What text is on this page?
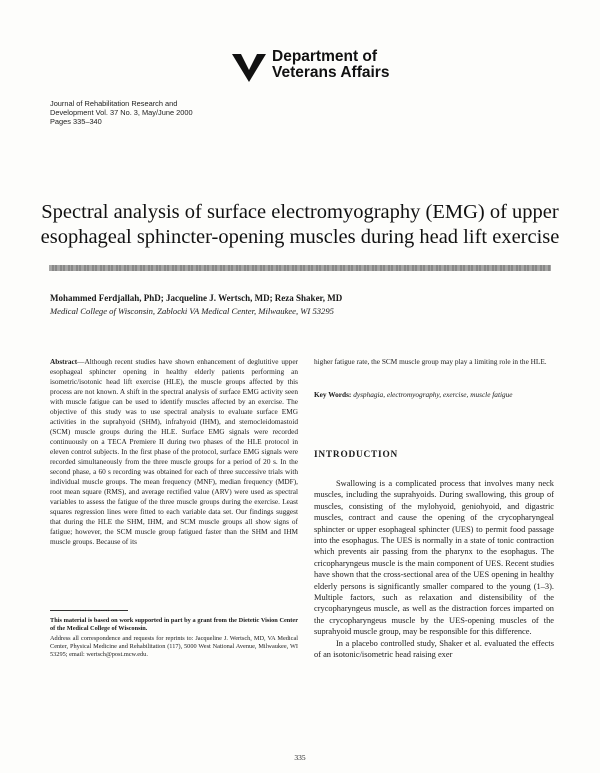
Department of
Veterans Affairs
Journal of Rehabilitation Research and
Development Vol. 37 No. 3, May/June 2000
Pages 335–340
Spectral analysis of surface electromyography (EMG) of upper
esophageal sphincter-opening muscles during head lift exercise
Mohammed Ferdjallah, PhD; Jacqueline J. Wertsch, MD; Reza Shaker, MD
Medical College of Wisconsin, Zablocki VA Medical Center, Milwaukee, WI 53295

Abstract—Although recent studies have shown enhancement of deglutitive upper esophageal sphincter opening in healthy elderly patients performing an isometric/isotonic head lift exercise (HLE), the muscle groups affected by this process are not known. A shift in the spectral analysis of surface EMG activity seen with muscle fatigue can be used to identify muscles affected by an exercise. The objective of this study was to use spectral analysis to evaluate surface EMG activities in the suprahyoid (SHM), infrahyoid (IHM), and sternocleidomastoid (SCM) muscle groups during the HLE. Surface EMG signals were recorded continuously on a TECA Premiere II during two phases of the HLE protocol in eleven control subjects. In the first phase of the protocol, surface EMG signals were recorded simultaneously from the three muscle groups for a period of 20 s. In the second phase, a 60 s recording was obtained for each of three successive trials with individual muscle groups. The mean frequency (MNF), median frequency (MDF), root mean square (RMS), and average rectified value (ARV) were used as spectral variables to assess the fatigue of the three muscle groups during the exercise. Least squares regression lines were fitted to each variable data set. Our findings suggest that during the HLE the SHM, IHM, and SCM muscle groups all show signs of fatigue; however, the SCM muscle group fatigued faster than the SHM and IHM muscle groups. Because of its

This material is based on work supported in part by a grant from the Dietetic Vision Center of the Medical College of Wisconsin.

Address all correspondence and requests for reprints to: Jacqueline J. Wertsch, MD, VA Medical Center, Physical Medicine and Rehabilitation (117), 5000 West National Avenue, Milwaukee, WI 53295; email: wertsch@post.mcw.edu.

higher fatigue rate, the SCM muscle group may play a limiting role in the HLE.

Key Words: dysphagia, electromyography, exercise, muscle fatigue

INTRODUCTION

Swallowing is a complicated process that involves many neck muscles, including the suprahyoids. During swallowing, this group of muscles, consisting of the mylohyoid, geniohyoid, and digastric muscles, contract and cause the opening of the crycopharyngeal sphincter or upper esophageal sphincter (UES) to permit food passage into the esophagus. The UES is normally in a state of tonic contraction which prevents air passing from the pharynx to the esophagus. The cricopharyngeus muscle is the main component of UES. Recent studies have shown that the cross-sectional area of the UES opening in healthy elderly persons is significantly smaller compared to the young (1–3). Multiple factors, such as relaxation and distensibility of the crycopharyngeus muscle, as well as the distraction forces imparted on the crycopharyngeus muscle by the UES-opening muscles of the suprahyoid muscle group, may be responsible for this difference.

In a placebo controlled study, Shaker et al. evaluated the effects of an isotonic/isometric head raising exer

335
